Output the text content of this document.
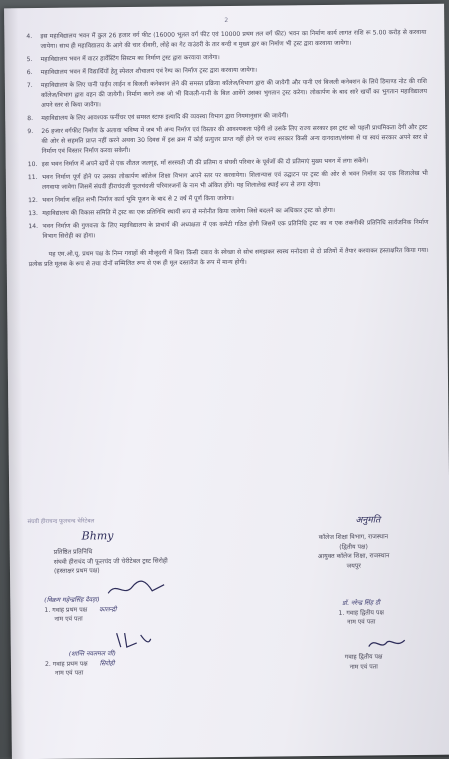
2
4. इस महाविद्यालय भवन में कुल 26 हजार वर्ग फीट (16000 भूतल वर्ग फीट एवं 10000 प्रथम तल वर्ग फीट) भवन का निर्माण कार्य लागत राशि रू 5.00 करोड़ से करवाया जायेगा। साथ ही महाविद्यालय के आगे की चार दीवारी, लोहे का गेट वाउंडरी के तार बन्दी व मुख्य द्वार का निर्माण भी ट्रस्ट द्वारा करवाया जायेगा।
5. महाविद्यालय भवन में वाटर हार्वेस्टिंग सिस्टम का निर्माण ट्रस्ट द्वारा करवाया जायेगा।
6. महाविद्यालय भवन में विद्यार्थियों हेतु स्पेशल शौचालय एवं रैम्प का निर्माण ट्रस्ट द्वारा करवाया जायेगा।
7. महाविद्यालय के लिए पानी पाईप लाईन व बिजली कनेक्शन लेने की समस्त प्रक्रिया कॉलेज/विभाग द्वारा की जायेगी और पानी एवं बिजली कनेक्शन के लिये डिमाण्ड नोट की राशि कॉलेज/विभाग द्वारा वहन की जायेगी। निर्माण करने तक जो भी बिजली-पानी के बिल आवेंगे उसका भुगतान ट्रस्ट करेगा। लोकार्पण के बाद सारे खर्चों का भुगतान महाविद्यालय अपने स्तर से किया जावेगा।
8. महाविद्यालय के लिए आवश्यक फर्नीचर एवं समस्त स्टाफ इत्यादि की व्यवस्था विभाग द्वारा नियमानुसार की जायेगी।
9. 26 हजार वर्गफीट निर्माण के अलावा भविष्य में जब भी अन्य निर्माण एवं विस्तार की आवश्यकता पड़ेगी तो उसके लिए राज्य सरकार इस ट्रस्ट को पहली प्राथमिकता देगी और ट्रस्ट की ओर से सहमति प्राप्त नहीं करने अथवा 30 दिवस में इस क्रम में कोई प्रत्युत्तर प्राप्त नहीं होने पर राज्य सरकार किसी अन्य दानदाता/संस्था से या स्वयं सरकार अपने स्तर से निर्माण एवं विस्तार निर्माण करवा सकेगी।
10. इस भवन निर्माण में अपने खर्चे से एक शीतल जलगृह, माँ सरस्वती जी की प्रतिमा व संघवी परिवार के पूर्वजों की दो प्रतिमाएं मुख्य भवन में लगा सकेंगे।
11. भवन निर्माण पूर्ण होने पर उसका लोकार्पण कॉलेज शिक्षा विभाग अपने स्तर पर करवायेगा। शिलान्यास एवं उद्घाटन पर ट्रस्ट की ओर से भवन निर्माण का एक शिलालेख भी लगवाया जावेगा जिसमें संघवी हीराचंदजी फूलचंदजी परिवारजनों के नाम भी अंकित होंगे। यह शिलालेख स्थाई रूप से लगा रहेगा।
12. भवन निर्माण सहित सभी निर्माण कार्य भूमि पूजन के बाद से 2 वर्ष में पूर्ण किया जावेगा।
13. महाविद्यालय की विकास समिति में ट्रस्ट का एक प्रतिनिधि स्थायी रूप से मनोनीत किया जावेगा जिसे बदलने का अधिकार ट्रस्ट को होगा।
14. भवन निर्माण की गुणवत्ता के लिए महाविद्यालय के प्राचार्य की अध्यक्षता में एक कमेटी गठित होगी जिसमें एक प्रतिनिधि ट्रस्ट का व एक तकनीकी प्रतिनिधि सार्वजनिक निर्माण विभाग सिरोही का होगा।
यह एम.ओ.यू. प्रथम पक्ष के निम्न गवाहों की मौजूदगी में बिना किसी दबाव के स्वेच्छा से सोच समझकर स्वस्थ मनोदशा से दो प्रतियों में तैयार करवाकर हस्ताक्षरित किया गया। प्रत्येक प्रति मूलक के रूप से तथा दोनों सम्मिलित रूप से एक ही मूल दस्तावेज के रूप में मान्य होगी।
संघवी हीराचन्द फूलचन्द चेरिटेबल
Bhmy
प्रतिष्ठित प्रतिनिधि
संघवी हीराचंद जी फूलचंद जी चेरीटेबल ट्रस्ट सिरोही
(हस्ताक्षर प्रथम पक्ष)
अनुमति
कॉलेज शिक्षा विभाग, राजस्थान
(द्वितीय पक्ष)
आयुक्त कॉलेज शिक्षा, राजस्थान
जयपुर
(विक्रम महेन्द्रसिंह देवड़ा)
1. गवाह प्रथम पक्ष कालन्द्री
नाम एवं पता
(शान्ति नवलमल जी)
2. गवाह प्रथम पक्ष सिरोही
नाम एवं पता
डॉ. नरेन्द्र सिंह डी
1. गवाह द्वितीय पक्ष
नाम एवं पता
गवाह द्वितीय पक्ष
नाम एवं पता
